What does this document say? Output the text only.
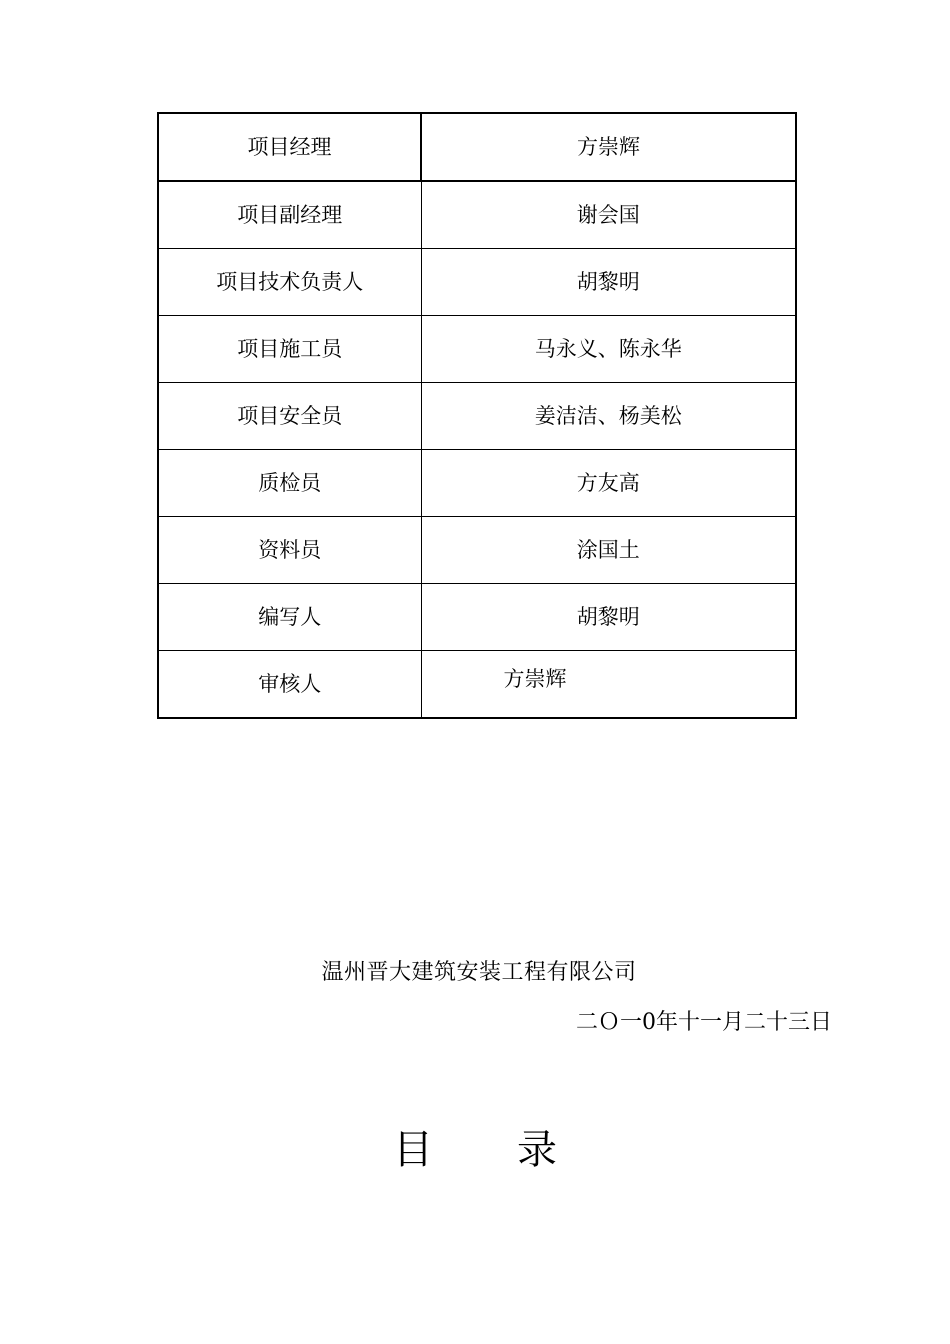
项目经理	方崇辉
项目副经理	谢会国
项目技术负责人	胡黎明
项目施工员	马永义、陈永华
项目安全员	姜洁洁、杨美松
质检员	方友高
资料员	涂国土
编写人	胡黎明
审核人	方崇辉
温州晋大建筑安装工程有限公司
二Ｏ一0年十一月二十三日
目录
